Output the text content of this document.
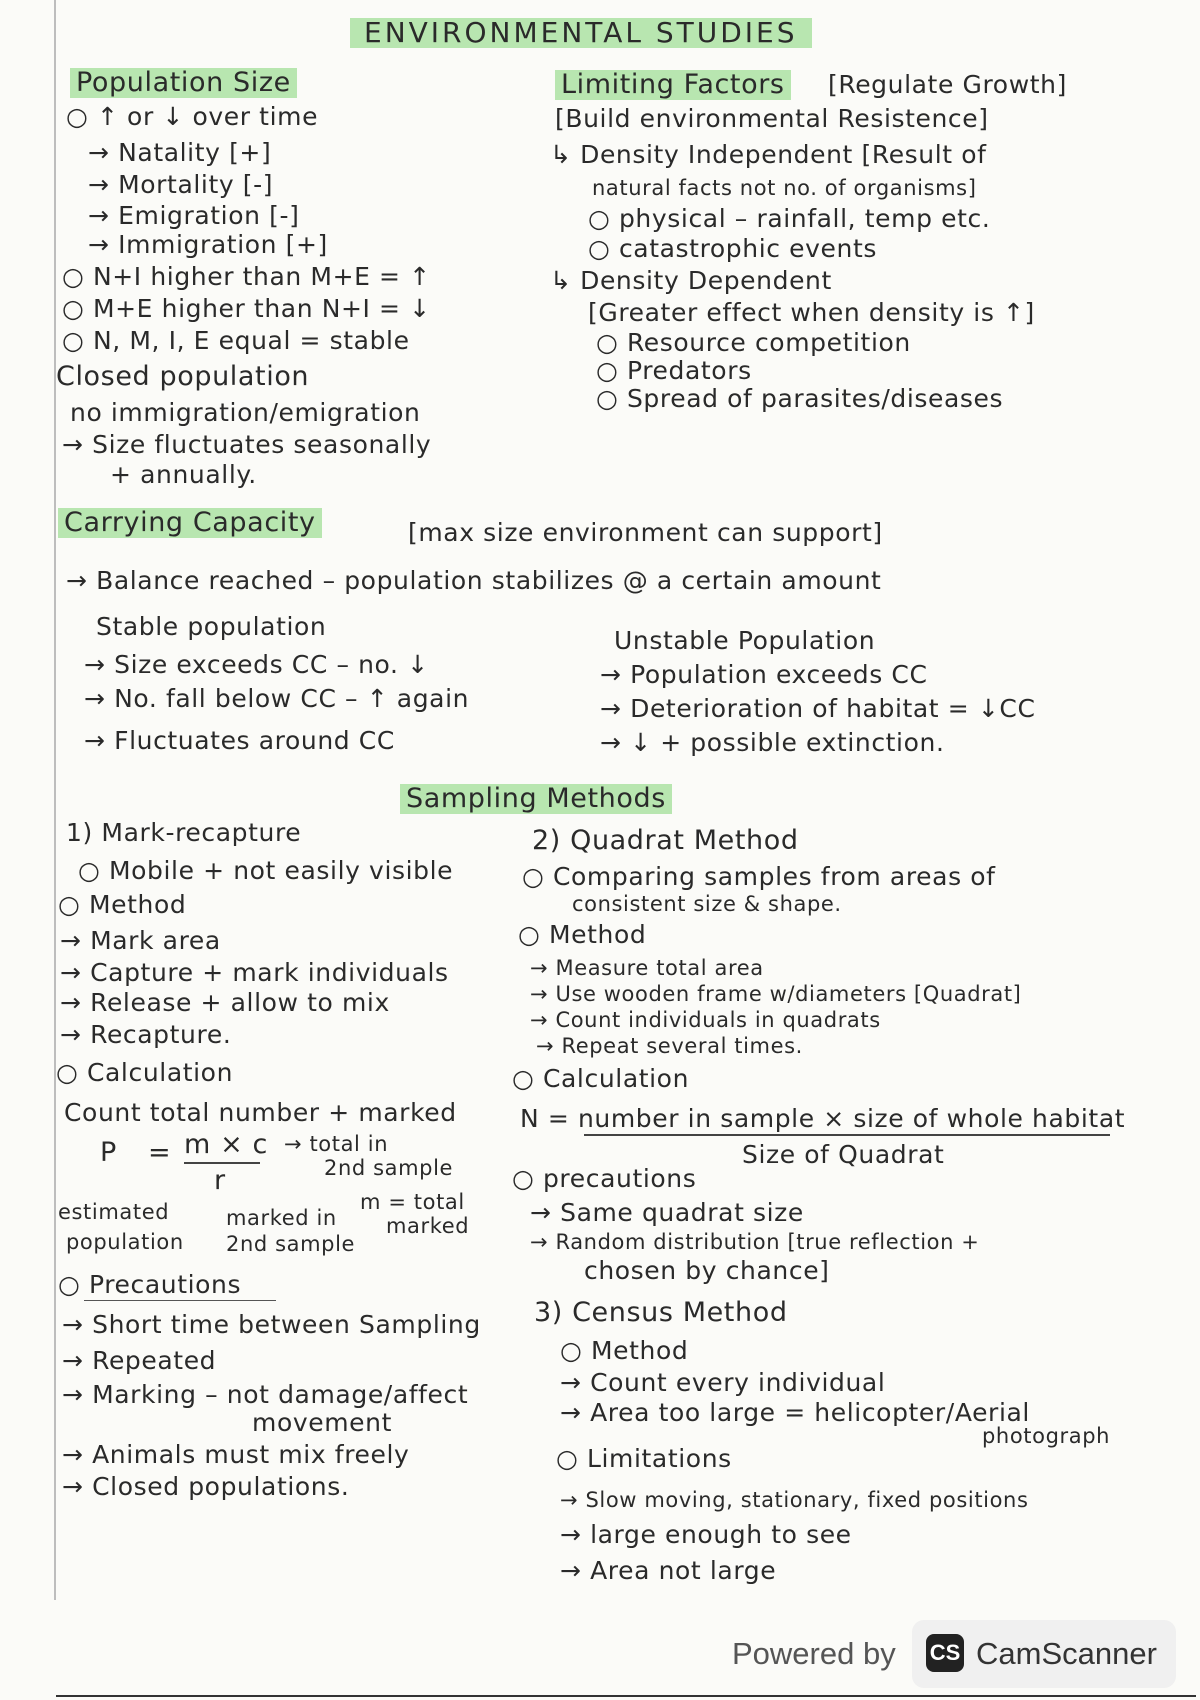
ENVIRONMENTAL STUDIES
Population Size
○ ↑ or ↓ over time
→ Natality [+]
→ Mortality [-]
→ Emigration [-]
→ Immigration [+]
○ N+I higher than M+E = ↑
○ M+E higher than N+I = ↓
○ N, M, I, E equal = stable
Closed population
no immigration/emigration
→ Size fluctuates seasonally
+ annually.
Limiting Factors [Regulate Growth]
[Build environmental Resistence]
↳ Density Independent [Result of
natural facts not no. of organisms]
○ physical – rainfall, temp etc.
○ catastrophic events
↳ Density Dependent
[Greater effect when density is ↑]
○ Resource competition
○ Predators
○ Spread of parasites/diseases
Carrying Capacity	[max size environment can support]
→ Balance reached – population stabilizes @ a certain amount
Stable population
→ Size exceeds CC – no. ↓
→ No. fall below CC – ↑ again
→ Fluctuates around CC
Unstable Population
→ Population exceeds CC
→ Deterioration of habitat = ↓CC
→ ↓ + possible extinction.
Sampling Methods
1) Mark-recapture
○ Mobile + not easily visible
○ Method
→ Mark area
→ Capture + mark individuals
→ Release + allow to mix
→ Recapture.
○ Calculation
Count total number + marked
P = m × c
r
→ total in
2nd sample
estimated
population
marked in
2nd sample
m = total
marked
○ Precautions
→ Short time between Sampling
→ Repeated
→ Marking – not damage/affect
movement
→ Animals must mix freely
→ Closed populations.
2) Quadrat Method
○ Comparing samples from areas of
consistent size & shape.
○ Method
→ Measure total area
→ Use wooden frame w/diameters [Quadrat]
→ Count individuals in quadrats
→ Repeat several times.
○ Calculation
N = number in sample × size of whole habitat
Size of Quadrat
○ precautions
→ Same quadrat size
→ Random distribution [true reflection +
chosen by chance]
3) Census Method
○ Method
→ Count every individual
→ Area too large = helicopter/Aerial
photograph
○ Limitations
→ Slow moving, stationary, fixed positions
→ large enough to see
→ Area not large
Powered by CS CamScanner
